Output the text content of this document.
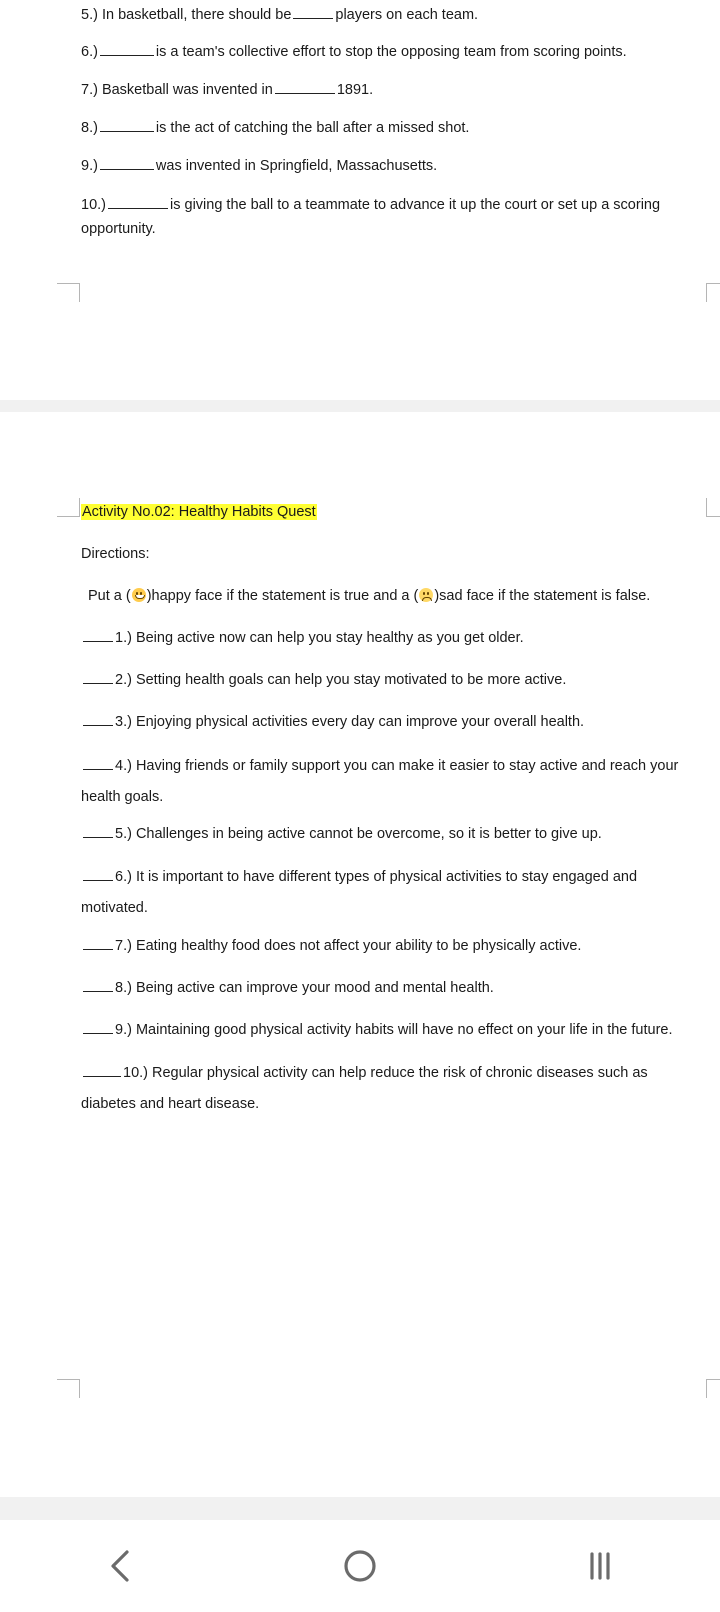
5.) In basketball, there should be	players on each team.
6.)	is a team's collective effort to stop the opposing team from scoring points.
7.) Basketball was invented in	1891.
8.)	is the act of catching the ball after a missed shot.
9.)	was invented in Springfield, Massachusetts.
10.)	is giving the ball to a teammate to advance it up the court or set up a scoring opportunity.
Activity No.02: Healthy Habits Quest
Directions:
Put a ( )happy face if the statement is true and a ( )sad face if the statement is false.
1.) Being active now can help you stay healthy as you get older.
2.) Setting health goals can help you stay motivated to be more active.
3.) Enjoying physical activities every day can improve your overall health.
4.) Having friends or family support you can make it easier to stay active and reach your health goals.
5.) Challenges in being active cannot be overcome, so it is better to give up.
6.) It is important to have different types of physical activities to stay engaged and motivated.
7.) Eating healthy food does not affect your ability to be physically active.
8.) Being active can improve your mood and mental health.
9.) Maintaining good physical activity habits will have no effect on your life in the future.
10.) Regular physical activity can help reduce the risk of chronic diseases such as diabetes and heart disease.
